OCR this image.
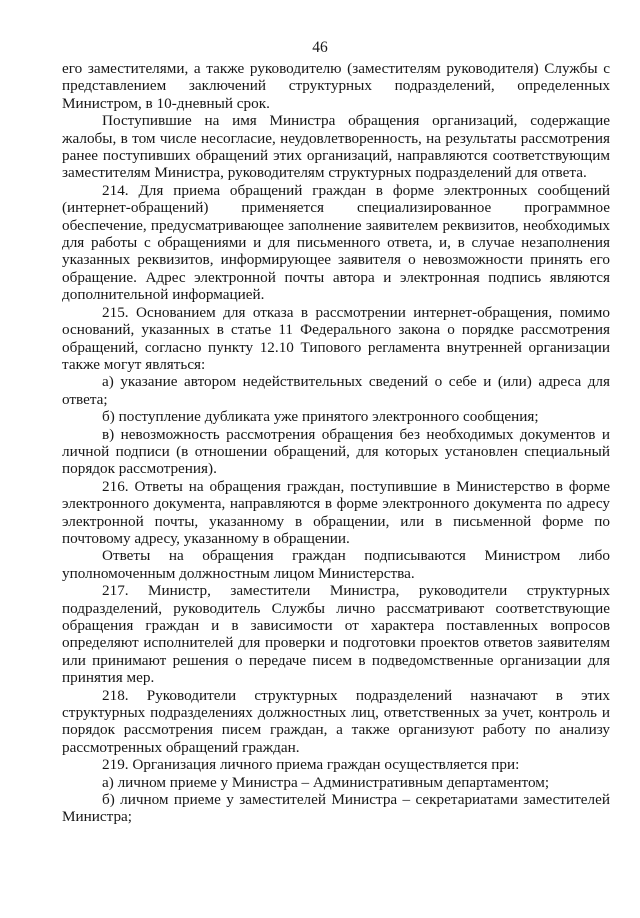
46

его заместителями, а также руководителю (заместителям руководителя) Службы с представлением заключений структурных подразделений, определенных Министром, в 10-дневный срок.

Поступившие на имя Министра обращения организаций, содержащие жалобы, в том числе несогласие, неудовлетворенность, на результаты рассмотрения ранее поступивших обращений этих организаций, направляются соответствующим заместителям Министра, руководителям структурных подразделений для ответа.

214. Для приема обращений граждан в форме электронных сообщений (интернет-обращений) применяется специализированное программное обеспечение, предусматривающее заполнение заявителем реквизитов, необходимых для работы с обращениями и для письменного ответа, и, в случае незаполнения указанных реквизитов, информирующее заявителя о невозможности принять его обращение. Адрес электронной почты автора и электронная подпись являются дополнительной информацией.

215. Основанием для отказа в рассмотрении интернет-обращения, помимо оснований, указанных в статье 11 Федерального закона о порядке рассмотрения обращений, согласно пункту 12.10 Типового регламента внутренней организации также могут являться:

а) указание автором недействительных сведений о себе и (или) адреса для ответа;

б) поступление дубликата уже принятого электронного сообщения;

в) невозможность рассмотрения обращения без необходимых документов и личной подписи (в отношении обращений, для которых установлен специальный порядок рассмотрения).

216. Ответы на обращения граждан, поступившие в Министерство в форме электронного документа, направляются в форме электронного документа по адресу электронной почты, указанному в обращении, или в письменной форме по почтовому адресу, указанному в обращении.

Ответы на обращения граждан подписываются Министром либо уполномоченным должностным лицом Министерства.

217. Министр, заместители Министра, руководители структурных подразделений, руководитель Службы лично рассматривают соответствующие обращения граждан и в зависимости от характера поставленных вопросов определяют исполнителей для проверки и подготовки проектов ответов заявителям или принимают решения о передаче писем в подведомственные организации для принятия мер.

218. Руководители структурных подразделений назначают в этих структурных подразделениях должностных лиц, ответственных за учет, контроль и порядок рассмотрения писем граждан, а также организуют работу по анализу рассмотренных обращений граждан.

219. Организация личного приема граждан осуществляется при:

а) личном приеме у Министра – Административным департаментом;

б) личном приеме у заместителей Министра – секретариатами заместителей Министра;
